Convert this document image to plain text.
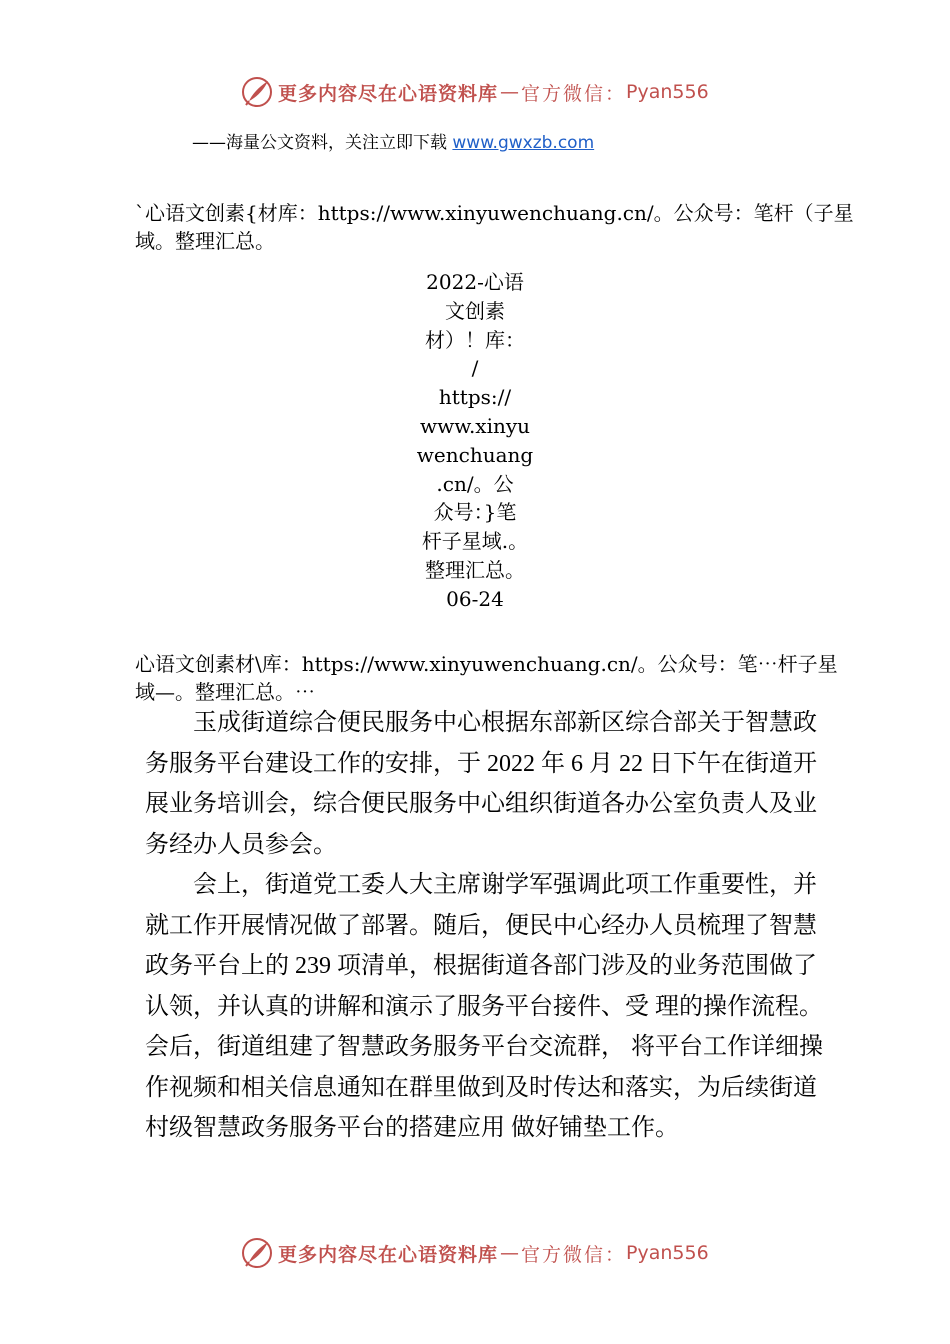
更多内容尽在心语资料库 — 官方微信： Pyan556
——海量公文资料，关注立即下载 www.gwxzb.com

`心语文创素{材库：https://www.xinyuwenchuang.cn/。公众号：笔杆（子星域。整理汇总。

2022-心语
文创素
材）！库：
/
https://
www.xinyu
wenchuang
.cn/。公
众号：}笔
杆子星域.。
整理汇总。
06-24

心语文创素材\库：https://www.xinyuwenchuang.cn/。公众号：笔⋯杆子星域—。整理汇总。⋯

玉成街道综合便民服务中心根据东部新区综合部关于智慧政务服务平台建设工作的安排，于 2022 年 6 月 22 日下午在街道开展业务培训会，综合便民服务中心组织街道各办公室负责人及业务经办人员参会。

会上，街道党工委人大主席谢学军强调此项工作重要性，并就工作开展情况做了部署。随后，便民中心经办人员梳理了智慧政务平台上的 239 项清单，根据街道各部门涉及的业务范围做了认领，并认真的讲解和演示了服务平台接件、受 理的操作流程。会后，街道组建了智慧政务服务平台交流群， 将平台工作详细操作视频和相关信息通知在群里做到及时传达和落实，为后续街道村级智慧政务服务平台的搭建应用 做好铺垫工作。

更多内容尽在心语资料库 — 官方微信： Pyan556
